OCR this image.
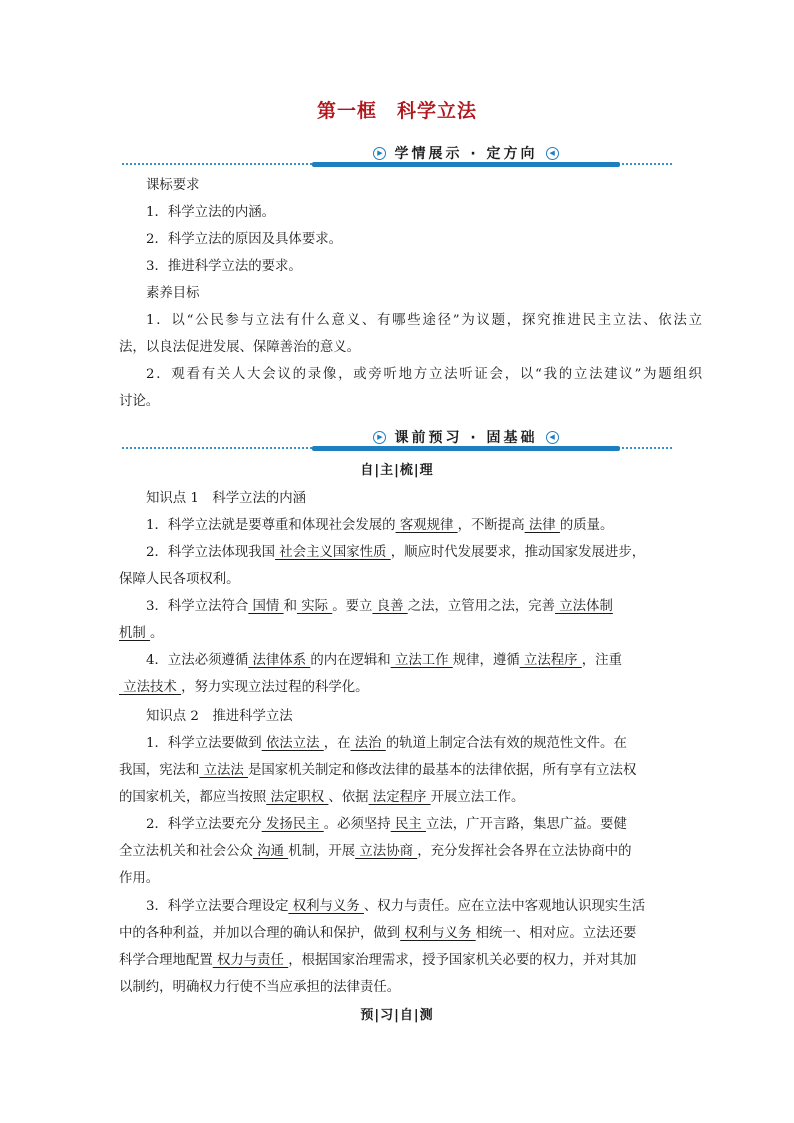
第一框　科学立法
▶ 学情展示 · 定方向	◀
课标要求
1．科学立法的内涵。
2．科学立法的原因及具体要求。
3．推进科学立法的要求。
素养目标
1．以“公民参与立法有什么意义、有哪些途径”为议题，探究推进民主立法、依法立
法，以良法促进发展、保障善治的意义。
2．观看有关人大会议的录像，或旁听地方立法听证会，以“我的立法建议”为题组织
讨论。
▶ 课前预习 · 固基础	◀
自|主|梳|理
知识点 1　科学立法的内涵
1．科学立法就是要尊重和体现社会发展的 客观规律 ，不断提高 法律 的质量。
2．科学立法体现我国 社会主义国家性质 ，顺应时代发展要求，推动国家发展进步，
保障人民各项权利。
3．科学立法符合 国情 和 实际 。要立 良善 之法，立管用之法，完善 立法体制
机制 。
4．立法必须遵循 法律体系 的内在逻辑和 立法工作 规律，遵循 立法程序 ，注重
立法技术 ，努力实现立法过程的科学化。
知识点 2　推进科学立法
1．科学立法要做到 依法立法 ，在 法治 的轨道上制定合法有效的规范性文件。在
我国，宪法和 立法法 是国家机关制定和修改法律的最基本的法律依据，所有享有立法权
的国家机关，都应当按照 法定职权 、依据 法定程序 开展立法工作。
2．科学立法要充分 发扬民主 。必须坚持 民主 立法，广开言路，集思广益。要健
全立法机关和社会公众 沟通 机制，开展 立法协商 ，充分发挥社会各界在立法协商中的
作用。
3．科学立法要合理设定 权利与义务 、权力与责任。应在立法中客观地认识现实生活
中的各种利益，并加以合理的确认和保护，做到 权利与义务 相统一、相对应。立法还要
科学合理地配置 权力与责任 ，根据国家治理需求，授予国家机关必要的权力，并对其加
以制约，明确权力行使不当应承担的法律责任。
预|习|自|测
